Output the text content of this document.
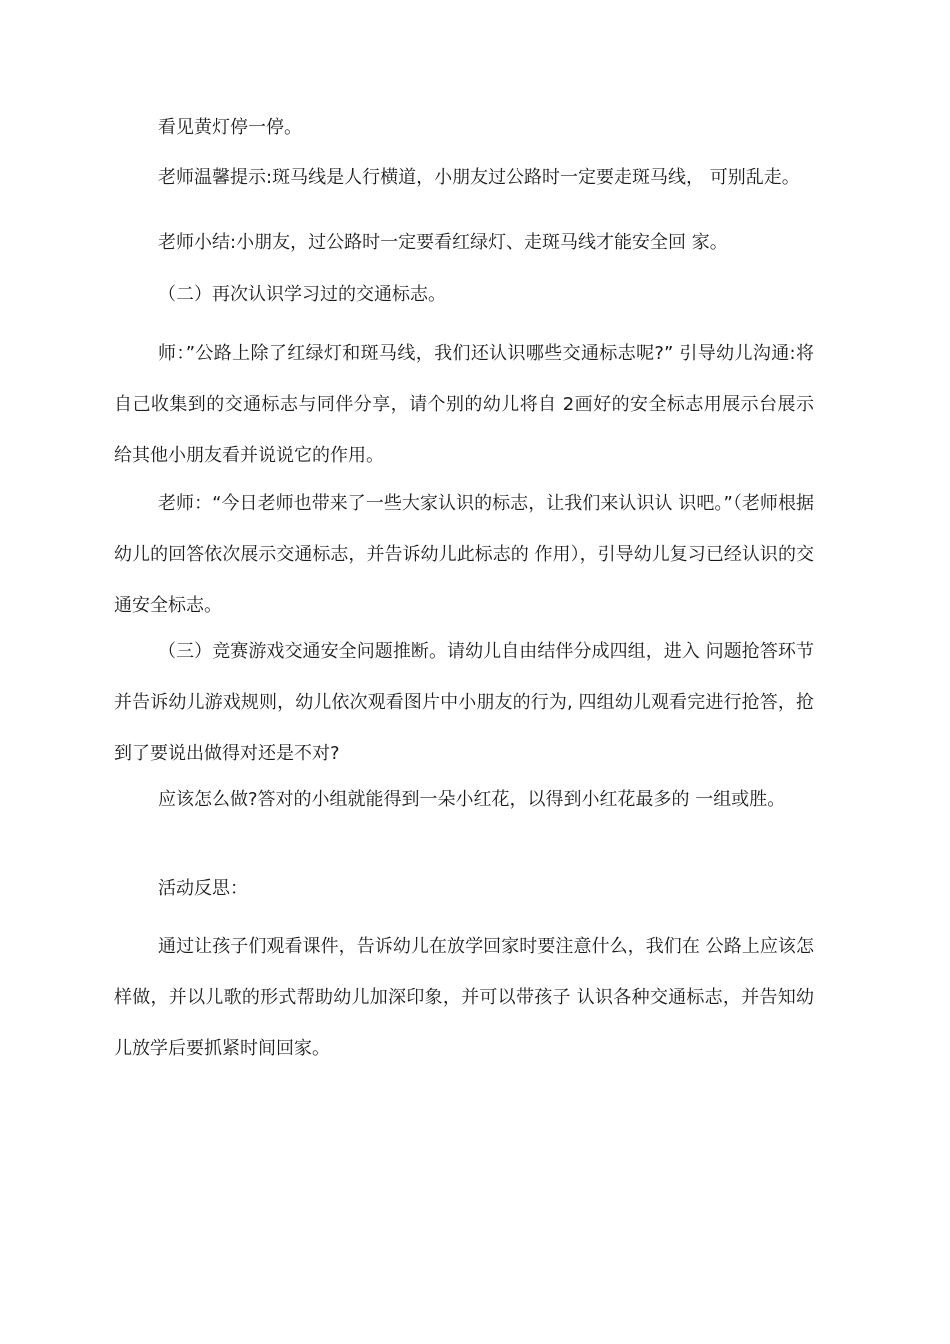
看见黄灯停一停。

老师温馨提示:斑马线是人行横道，小朋友过公路时一定要走斑马线， 可别乱走。

老师小结:小朋友，过公路时一定要看红绿灯、走斑马线才能安全回 家。

（二）再次认识学习过的交通标志。

师：”公路上除了红绿灯和斑马线，我们还认识哪些交通标志呢?” 引导幼儿沟通:将自己收集到的交通标志与同伴分享，请个别的幼儿将自 2画好的安全标志用展示台展示给其他小朋友看并说说它的作用。

老师：“今日老师也带来了一些大家认识的标志，让我们来认识认 识吧。”（老师根据幼儿的回答依次展示交通标志，并告诉幼儿此标志的 作用），引导幼儿复习已经认识的交通安全标志。

（三）竞赛游戏交通安全问题推断。请幼儿自由结伴分成四组，进入 问题抢答环节并告诉幼儿游戏规则，幼儿依次观看图片中小朋友的行为, 四组幼儿观看完进行抢答，抢到了要说出做得对还是不对?

应该怎么做?答对的小组就能得到一朵小红花，以得到小红花最多的 一组或胜。

活动反思：

通过让孩子们观看课件，告诉幼儿在放学回家时要注意什么，我们在 公路上应该怎样做，并以儿歌的形式帮助幼儿加深印象，并可以带孩子 认识各种交通标志，并告知幼儿放学后要抓紧时间回家。
